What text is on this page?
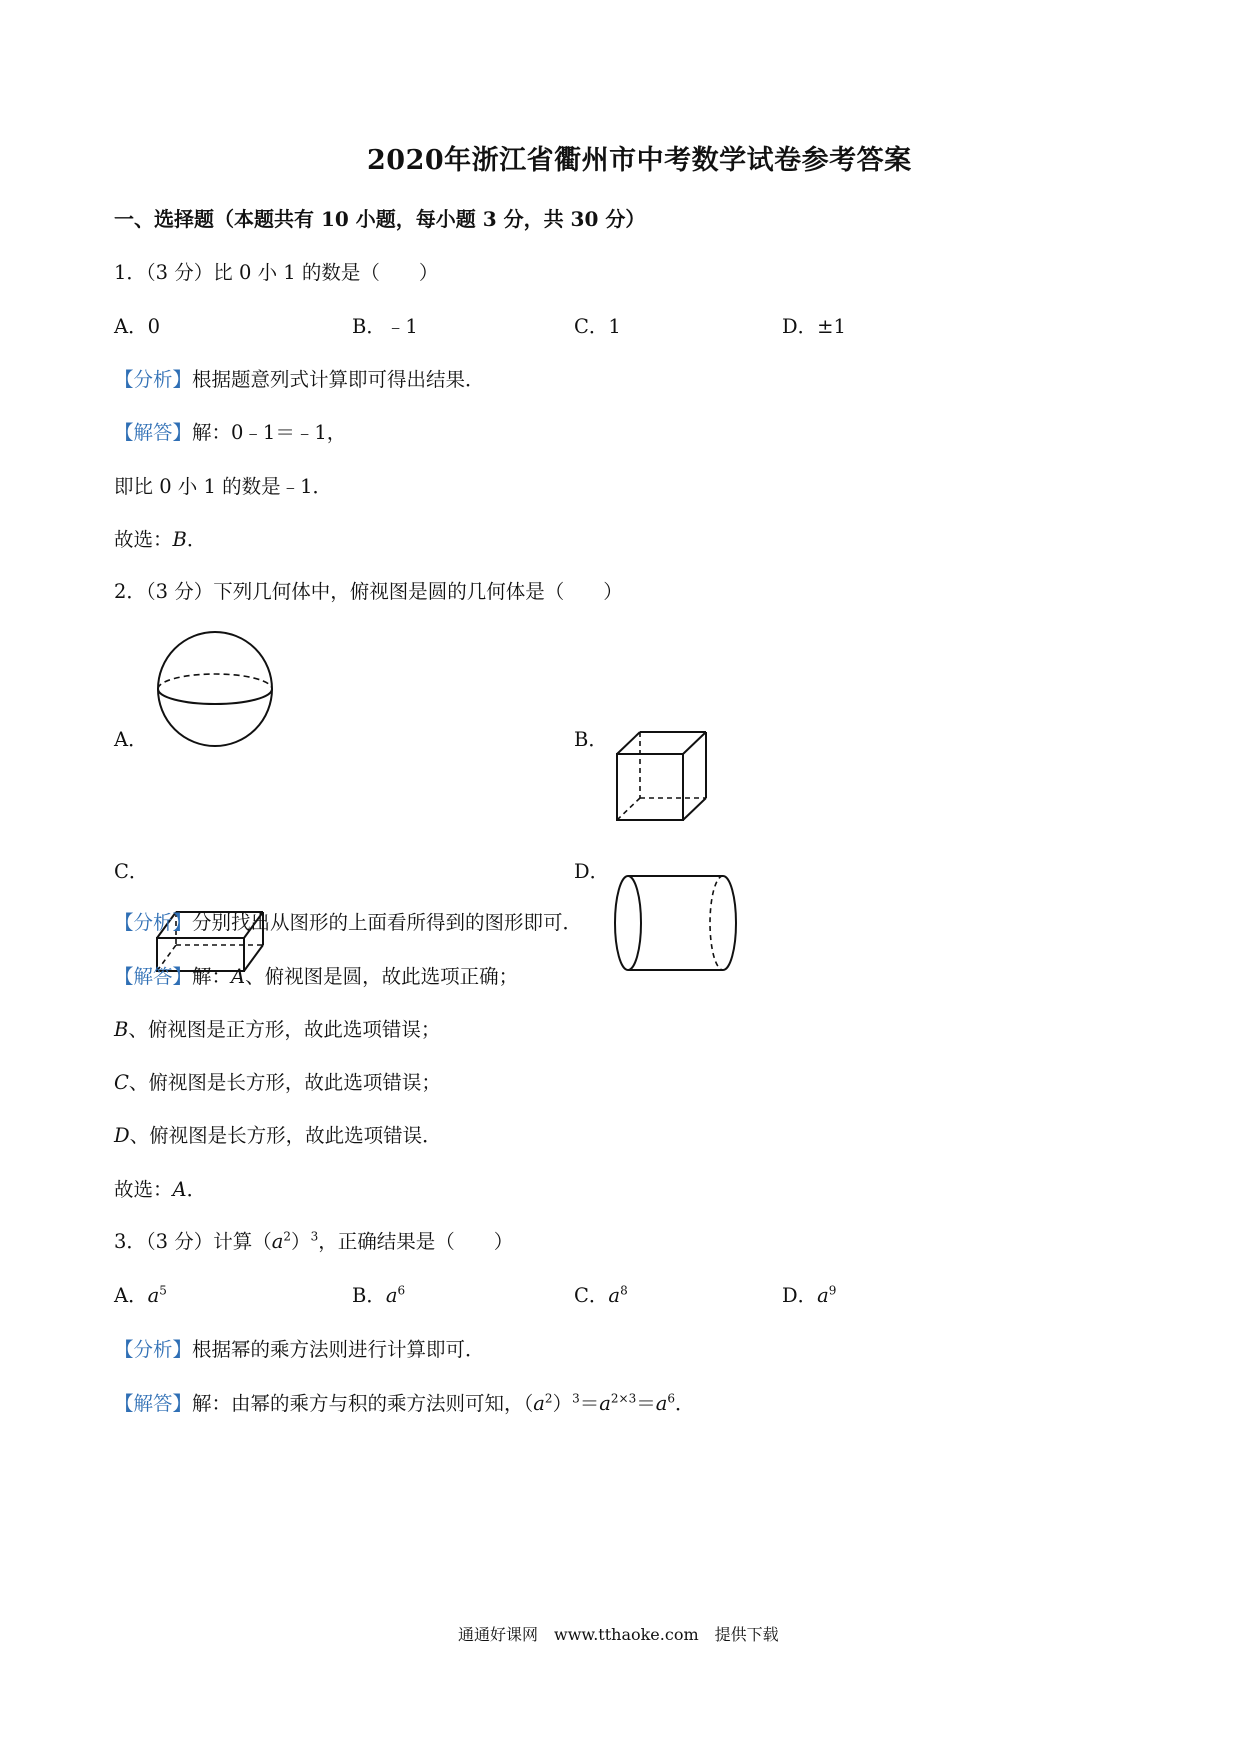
2020年浙江省衢州市中考数学试卷参考答案
一、选择题（本题共有 10 小题，每小题 3 分，共 30 分）
1．（3 分）比 0 小 1 的数是（　　）
A．0	B．﹣1	C．1	D．±1
【分析】根据题意列式计算即可得出结果．
【解答】解：0﹣1＝﹣1，
即比 0 小 1 的数是﹣1．
故选：B．
2．（3 分）下列几何体中，俯视图是圆的几何体是（　　）
A．	B．
C．	D．
【分析】分别找出从图形的上面看所得到的图形即可．
【解答】解：A、俯视图是圆，故此选项正确；
B、俯视图是正方形，故此选项错误；
C、俯视图是长方形，故此选项错误；
D、俯视图是长方形，故此选项错误．
故选：A．
3．（3 分）计算$(a^2)^3$，正确结果是（　　）
A．$a^5$	B．$a^6$	C．$a^8$	D．$a^9$
【分析】根据幂的乘方法则进行计算即可．
【解答】解：由幂的乘方与积的乘方法则可知，$(a^2)^3=a^{2\times 3}=a^6$．
通通好课网　www.tthaoke.com　提供下载
